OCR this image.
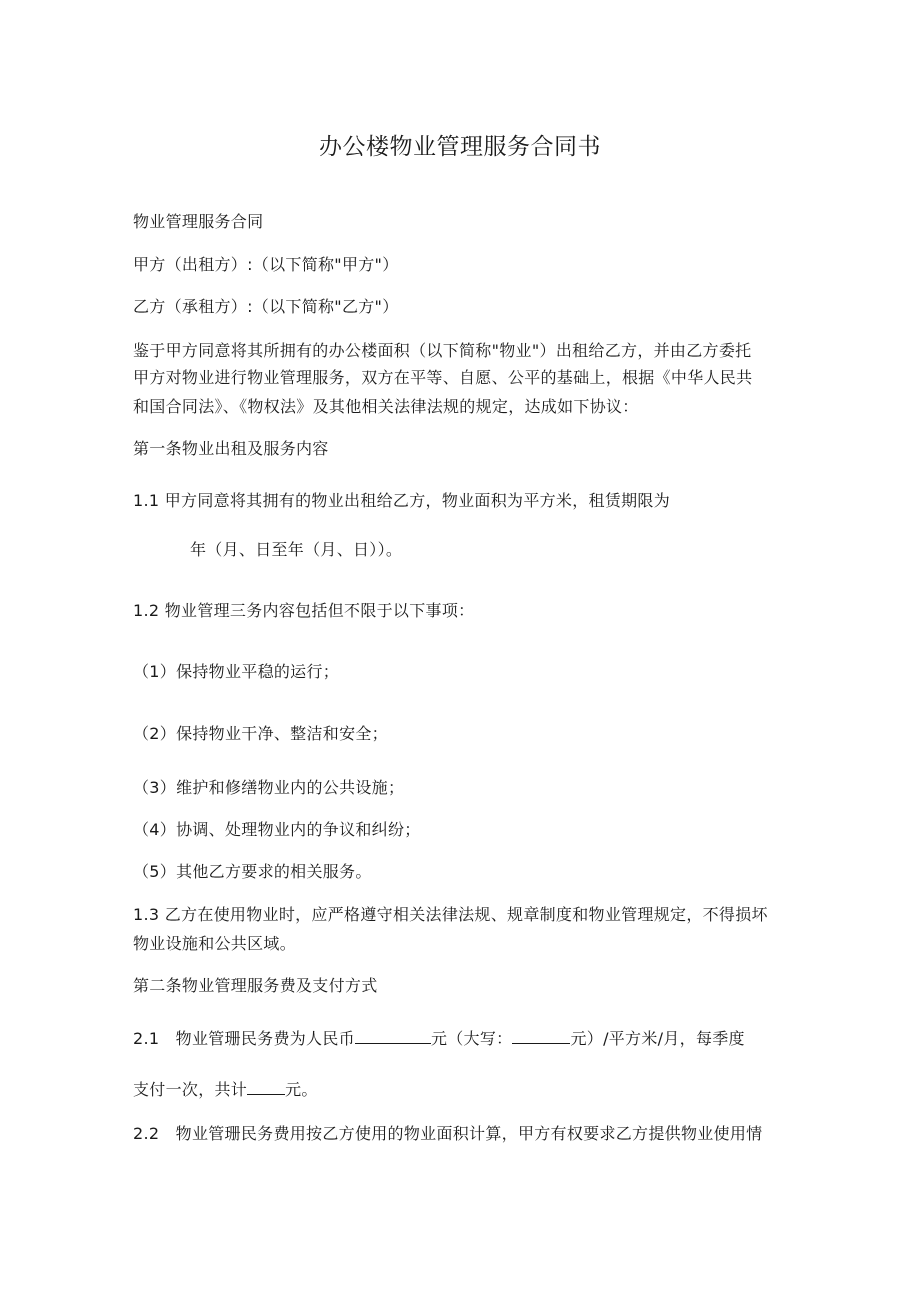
办公楼物业管理服务合同书
物业管理服务合同
甲方（出租方）:（以下简称"甲方"）
乙方（承租方）:（以下简称"乙方"）
鉴于甲方同意将其所拥有的办公楼面积（以下简称"物业"）出租给乙方，并由乙方委托
甲方对物业进行物业管理服务，双方在平等、自愿、公平的基础上，根据《中华人民共
和国合同法》、《物权法》及其他相关法律法规的规定，达成如下协议：
第一条物业出租及服务内容
1.1 甲方同意将其拥有的物业出租给乙方，物业面积为平方米，租赁期限为
年（月、日至年（月、日））。
1.2 物业管理三务内容包括但不限于以下事项：
（1）保持物业平稳的运行；
（2）保持物业干净、整洁和安全；
（3）维护和修缮物业内的公共设施；
（4）协调、处理物业内的争议和纠纷；
（5）其他乙方要求的相关服务。
1.3 乙方在使用物业时，应严格遵守相关法律法规、规章制度和物业管理规定，不得损坏
物业设施和公共区域。
第二条物业管理服务费及支付方式
2.1　物业管珊民务费为人民币	元（大写：	元）/平方米/月，每季度
支付一次，共计 元。
2.2　物业管珊民务费用按乙方使用的物业面积计算，甲方有权要求乙方提供物业使用情
